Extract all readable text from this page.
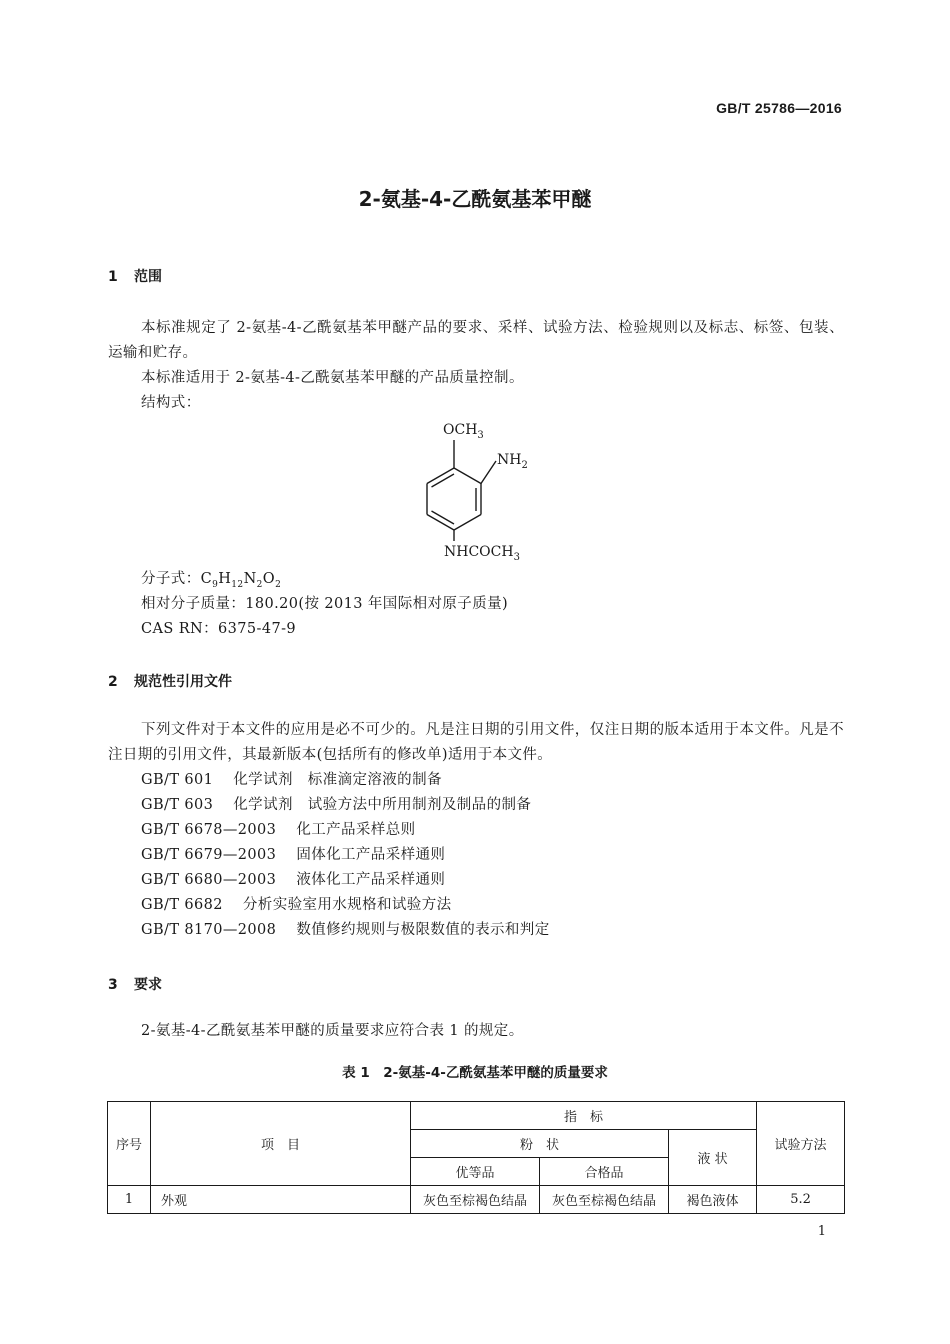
GB/T 25786—2016
2-氨基-4-乙酰氨基苯甲醚
1 范围
本标准规定了 2-氨基-4-乙酰氨基苯甲醚产品的要求、采样、试验方法、检验规则以及标志、标签、包装、运输和贮存。
本标准适用于 2-氨基-4-乙酰氨基苯甲醚的产品质量控制。
结构式：
$OCH_3$
$NH_2$
$NHCOCH_3$
分子式：$C_9H_{12}N_2O_2$
相对分子质量：180.20(按 2013 年国际相对原子质量)
CAS RN：6375-47-9
2 规范性引用文件
下列文件对于本文件的应用是必不可少的。凡是注日期的引用文件，仅注日期的版本适用于本文件。凡是不注日期的引用文件，其最新版本(包括所有的修改单)适用于本文件。
GB/T 601 化学试剂　标准滴定溶液的制备
GB/T 603 化学试剂　试验方法中所用制剂及制品的制备
GB/T 6678—2003 化工产品采样总则
GB/T 6679—2003 固体化工产品采样通则
GB/T 6680—2003 液体化工产品采样通则
GB/T 6682 分析实验室用水规格和试验方法
GB/T 8170—2008 数值修约规则与极限数值的表示和判定
3 要求
2-氨基-4-乙酰氨基苯甲醚的质量要求应符合表 1 的规定。
表 1　2-氨基-4-乙酰氨基苯甲醚的质量要求
序号	项　目	指　标			试验方法
		粉　状		液 状	
		优等品	合格品		
1	外观	灰色至棕褐色结晶	灰色至棕褐色结晶	褐色液体	5.2
1
